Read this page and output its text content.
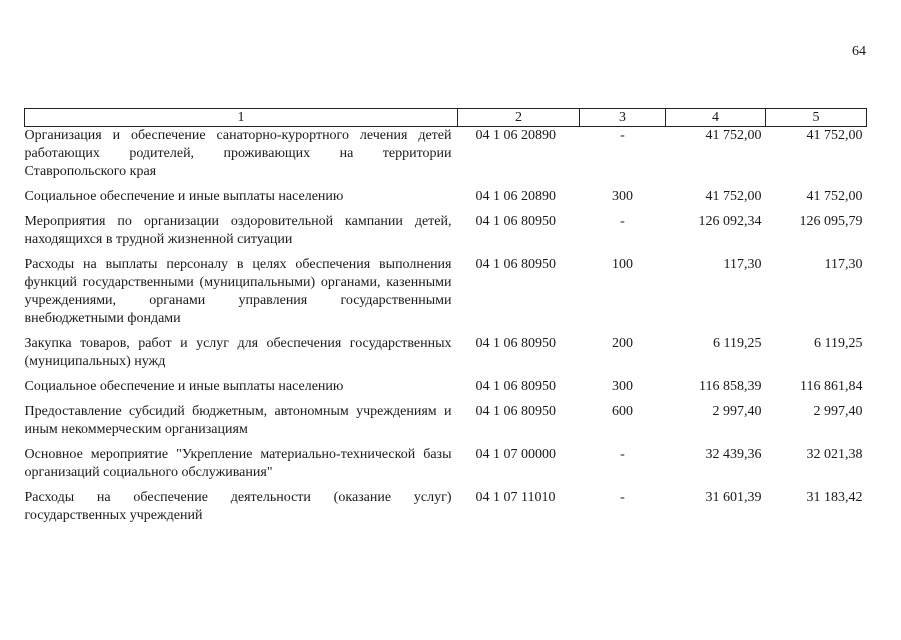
64
1	2	3	4	5
Организация и обеспечение санаторно-курортного лечения детей работающих родителей, проживающих на территории Ставропольского края	04 1 06 20890	-	41 752,00	41 752,00
Социальное обеспечение и иные выплаты населению	04 1 06 20890	300	41 752,00	41 752,00
Мероприятия по организации оздоровительной кампании детей, находящихся в трудной жизненной ситуации	04 1 06 80950	-	126 092,34	126 095,79
Расходы на выплаты персоналу в целях обеспечения выполнения функций государственными (муниципальными) органами, казенными учреждениями, органами управления государственными внебюджетными фондами	04 1 06 80950	100	117,30	117,30
Закупка товаров, работ и услуг для обеспечения государственных (муниципальных) нужд	04 1 06 80950	200	6 119,25	6 119,25
Социальное обеспечение и иные выплаты населению	04 1 06 80950	300	116 858,39	116 861,84
Предоставление субсидий бюджетным, автономным учреждениям и иным некоммерческим организациям	04 1 06 80950	600	2 997,40	2 997,40
Основное мероприятие "Укрепление материально-технической базы организаций социального обслуживания"	04 1 07 00000	-	32 439,36	32 021,38
Расходы на обеспечение деятельности (оказание услуг) государственных учреждений	04 1 07 11010	-	31 601,39	31 183,42
